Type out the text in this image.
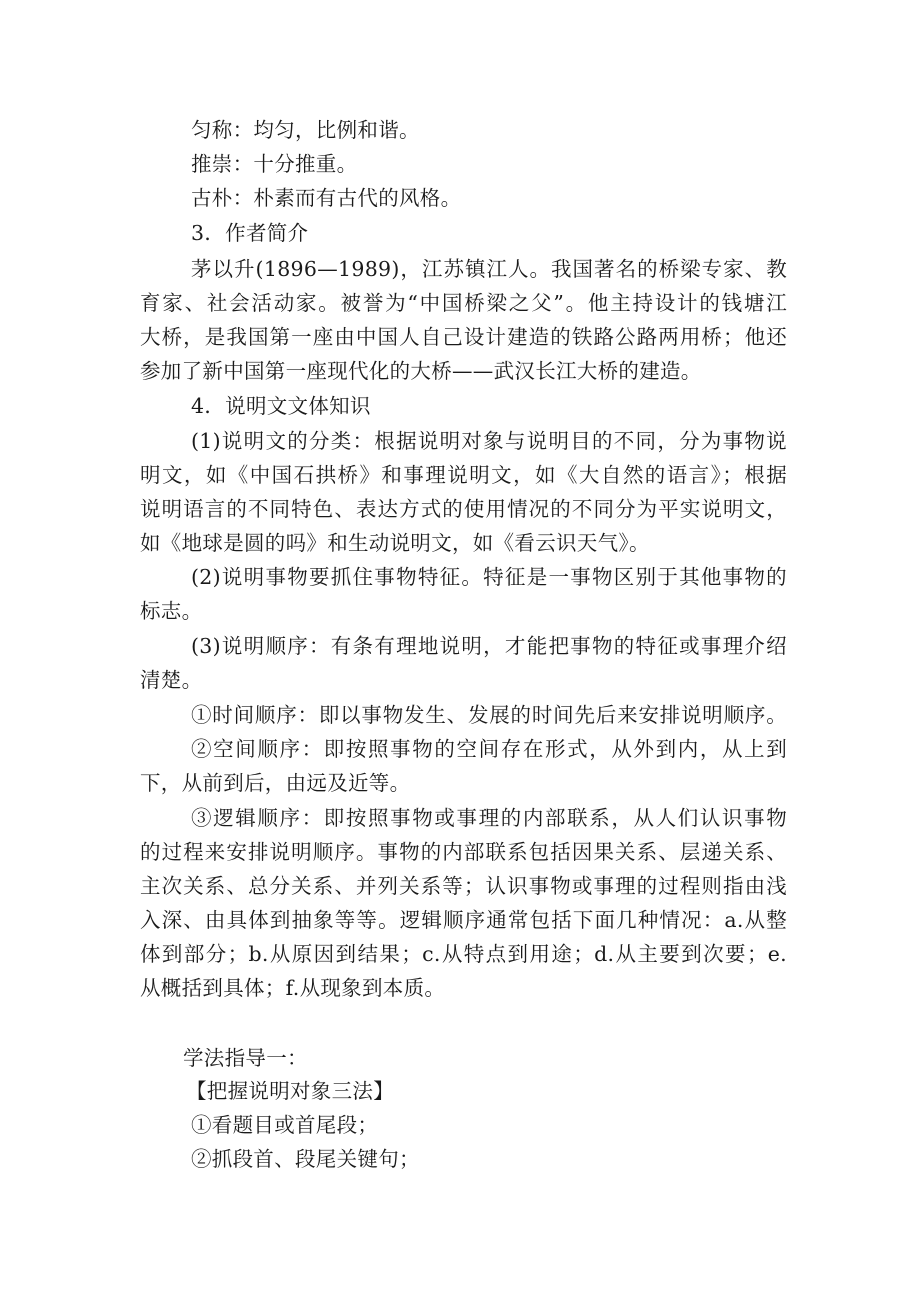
匀称：均匀，比例和谐。
推崇：十分推重。
古朴：朴素而有古代的风格。
3．作者简介
茅以升(1896—1989)，江苏镇江人。我国著名的桥梁专家、教
育家、社会活动家。被誉为“中国桥梁之父”。他主持设计的钱塘江
大桥，是我国第一座由中国人自己设计建造的铁路公路两用桥；他还
参加了新中国第一座现代化的大桥——武汉长江大桥的建造。
4．说明文文体知识
(1)说明文的分类：根据说明对象与说明目的不同，分为事物说
明文，如《中国石拱桥》和事理说明文，如《大自然的语言》；根据
说明语言的不同特色、表达方式的使用情况的不同分为平实说明文，
如《地球是圆的吗》和生动说明文，如《看云识天气》。
(2)说明事物要抓住事物特征。特征是一事物区别于其他事物的
标志。
(3)说明顺序：有条有理地说明，才能把事物的特征或事理介绍
清楚。
①时间顺序：即以事物发生、发展的时间先后来安排说明顺序。
②空间顺序：即按照事物的空间存在形式，从外到内，从上到
下，从前到后，由远及近等。
③逻辑顺序：即按照事物或事理的内部联系，从人们认识事物
的过程来安排说明顺序。事物的内部联系包括因果关系、层递关系、
主次关系、总分关系、并列关系等；认识事物或事理的过程则指由浅
入深、由具体到抽象等等。逻辑顺序通常包括下面几种情况：a.从整
体到部分；b.从原因到结果；c.从特点到用途；d.从主要到次要；e.
从概括到具体；f.从现象到本质。
学法指导一：
【把握说明对象三法】
①看题目或首尾段；
②抓段首、段尾关键句；
